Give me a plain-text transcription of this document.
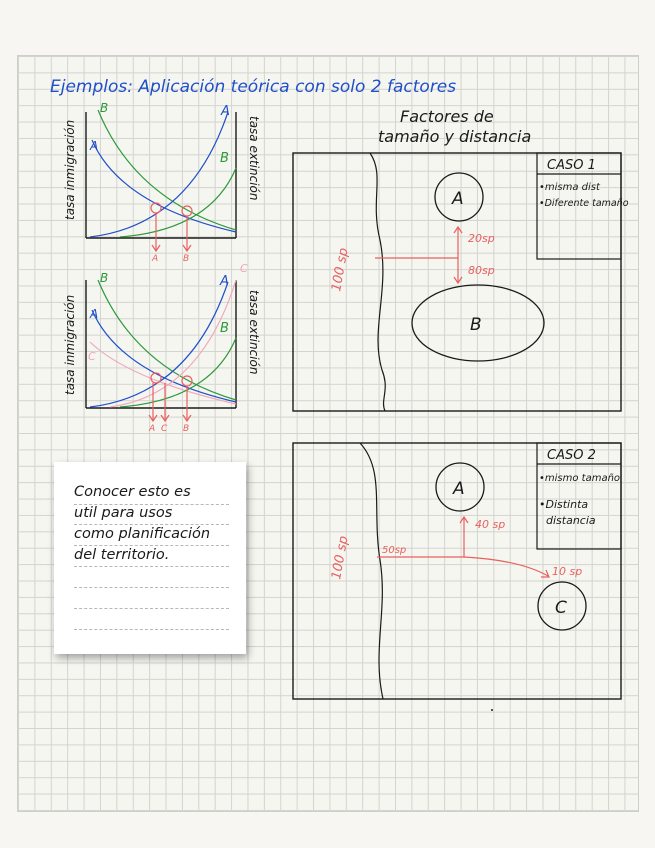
Ejemplos: Aplicación teórica con solo 2 factores
A	B
A
B	A
B
tasa inmigración	tasa extinción
A C B
A
B
C
A
B
C
tasa inmigración	tasa extinción
Factores de
tamaño y distancia
CASO 1
•misma dist
•Diferente tamaño
A
B
20sp
80sp
100 sp
CASO 2
•mismo tamaño
•Distinta
distancia
A
C
50sp
40 sp
10 sp
100 sp
Conocer esto es
util para usos
como planificación
del territorio.
